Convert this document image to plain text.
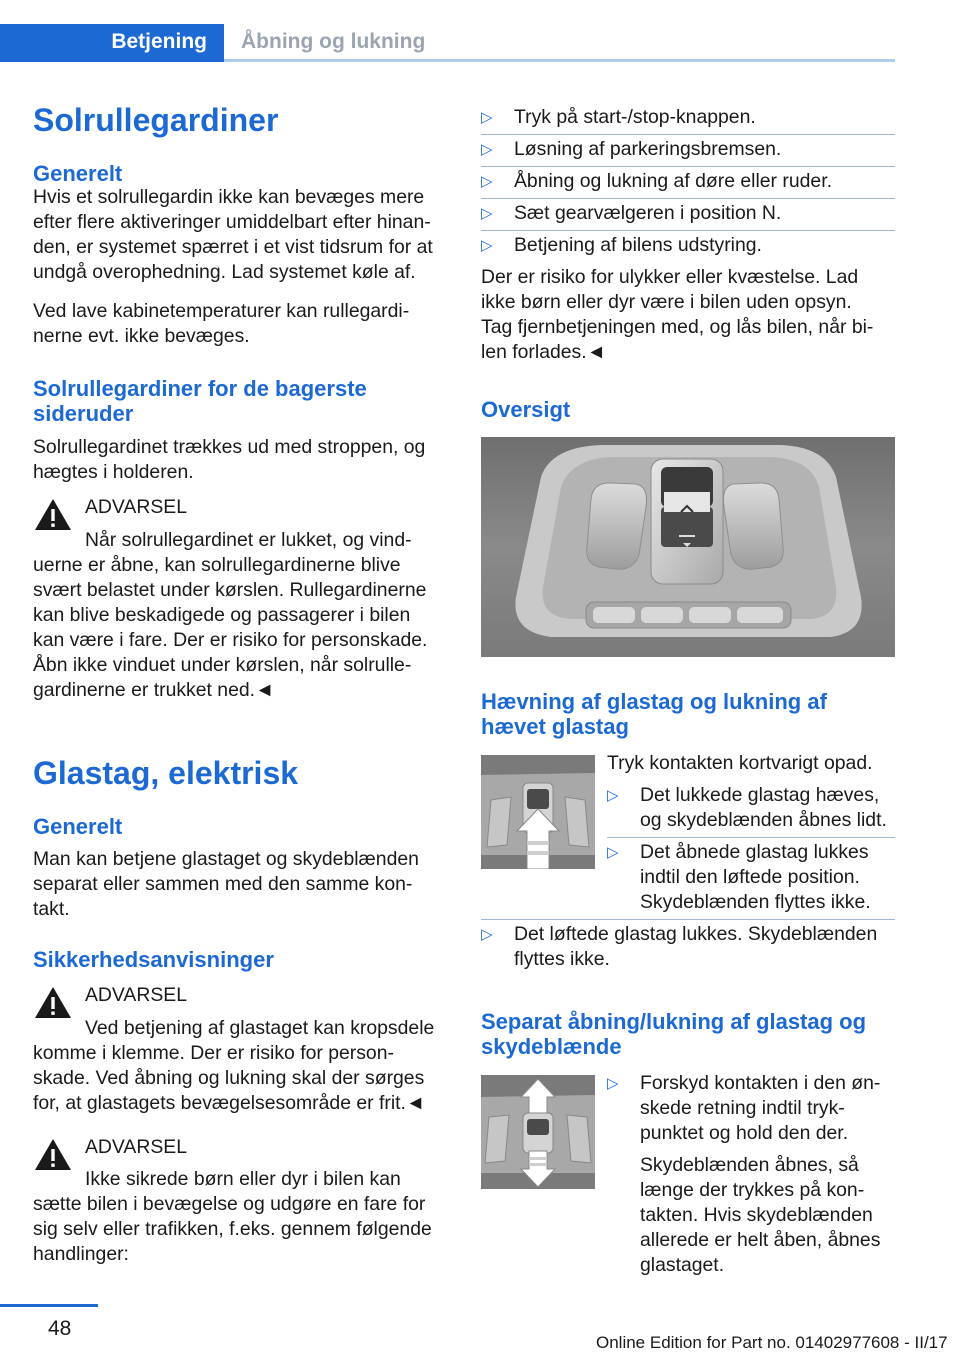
Betjening	Åbning og lukning
Solrullegardiner
Generelt
Hvis et solrullegardin ikke kan bevæges mere
efter flere aktiveringer umiddelbart efter hinan-
den, er systemet spærret i et vist tidsrum for at
undgå overophedning. Lad systemet køle af.
Ved lave kabinetemperaturer kan rullegardi-
nerne evt. ikke bevæges.
Solrullegardiner for de bagerste
sideruder
Solrullegardinet trækkes ud med stroppen, og
hægtes i holderen.
ADVARSEL
Når solrullegardinet er lukket, og vind-
uerne er åbne, kan solrullegardinerne blive
svært belastet under kørslen. Rullegardinerne
kan blive beskadigede og passagerer i bilen
kan være i fare. Der er risiko for personskade.
Åbn ikke vinduet under kørslen, når solrulle-
gardinerne er trukket ned.◄
Glastag, elektrisk
Generelt
Man kan betjene glastaget og skydeblænden
separat eller sammen med den samme kon-
takt.
Sikkerhedsanvisninger
ADVARSEL
Ved betjening af glastaget kan kropsdele
komme i klemme. Der er risiko for person-
skade. Ved åbning og lukning skal der sørges
for, at glastagets bevægelsesområde er frit.◄
ADVARSEL
Ikke sikrede børn eller dyr i bilen kan
sætte bilen i bevægelse og udgøre en fare for
sig selv eller trafikken, f.eks. gennem følgende
handlinger:
▷ Tryk på start-/stop-knappen.
▷ Løsning af parkeringsbremsen.
▷ Åbning og lukning af døre eller ruder.
▷ Sæt gearvælgeren i position N.
▷ Betjening af bilens udstyring.
Der er risiko for ulykker eller kvæstelse. Lad
ikke børn eller dyr være i bilen uden opsyn.
Tag fjernbetjeningen med, og lås bilen, når bi-
len forlades.◄
Oversigt
Hævning af glastag og lukning af
hævet glastag
Tryk kontakten kortvarigt opad.
▷ Det lukkede glastag hæves,
og skydeblænden åbnes lidt.
▷ Det åbnede glastag lukkes
indtil den løftede position.
Skydeblænden flyttes ikke.
▷ Det løftede glastag lukkes. Skydeblænden
flyttes ikke.
Separat åbning/lukning af glastag og
skydeblænde
▷ Forskyd kontakten i den øn-
skede retning indtil tryk-
punktet og hold den der.
Skydeblænden åbnes, så
længe der trykkes på kon-
takten. Hvis skydeblænden
allerede er helt åben, åbnes
glastaget.
48
Online Edition for Part no. 01402977608 - II/17
